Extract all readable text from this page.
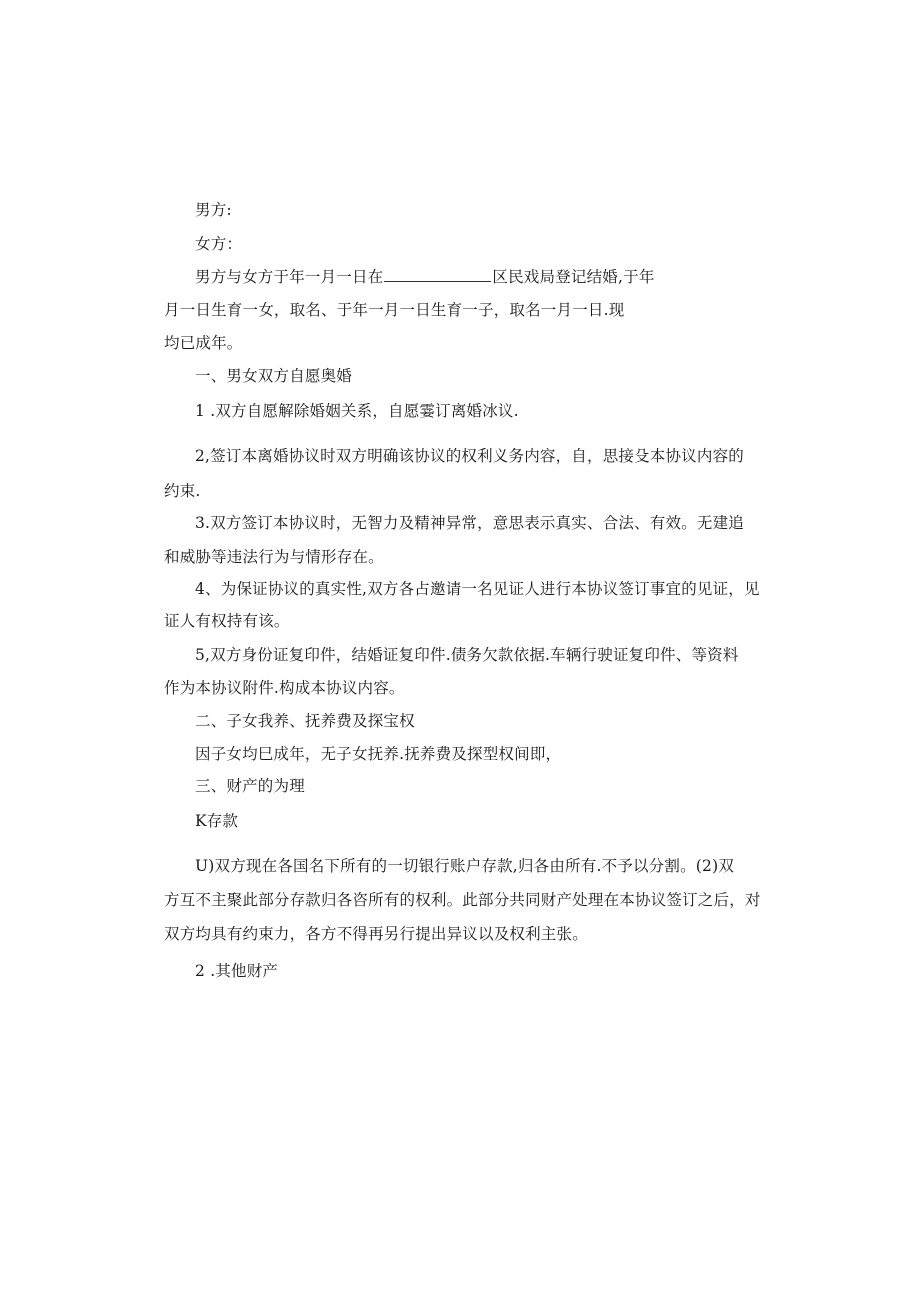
男方:
女方：
男方与女方于年一月一日在	区民戏局登记结婚,于年
月一日生育一女，取名、于年一月一日生育一子，取名一月一日.现
均已成年。
一、男女双方自愿奥婚
1 .双方自愿解除婚姻关系，自愿霎订离婚冰议.
2,签订本离婚协议时双方明确该协议的权利义务内容，自，思接殳本协议内容的
约束.
3.双方签订本协议时，无智力及精神异常，意思表示真实、合法、有效。无建追
和威胁等违法行为与情形存在。
4、为保证协议的真实性,双方各占邀请一名见证人进行本协议签订事宜的见证，见
证人有权持有该。
5,双方身份证复印件，结婚证复印件.债务欠款依据.车辆行驶证复印件、等资料
作为本协议附件.构成本协议内容。
二、子女我养、抚养费及探宝权
因子女均巳成年，无子女抚养.抚养费及探型权间即，
三、财产的为理
K存款
U)双方现在各国名下所有的一切银行账户存款,归各由所有.不予以分割。(2)双
方互不主聚此部分存款归各咨所有的权利。此部分共同财产处理在本协议签订之后，对
双方均具有约束力，各方不得再另行提出异议以及权利主张。
2 .其他财产
